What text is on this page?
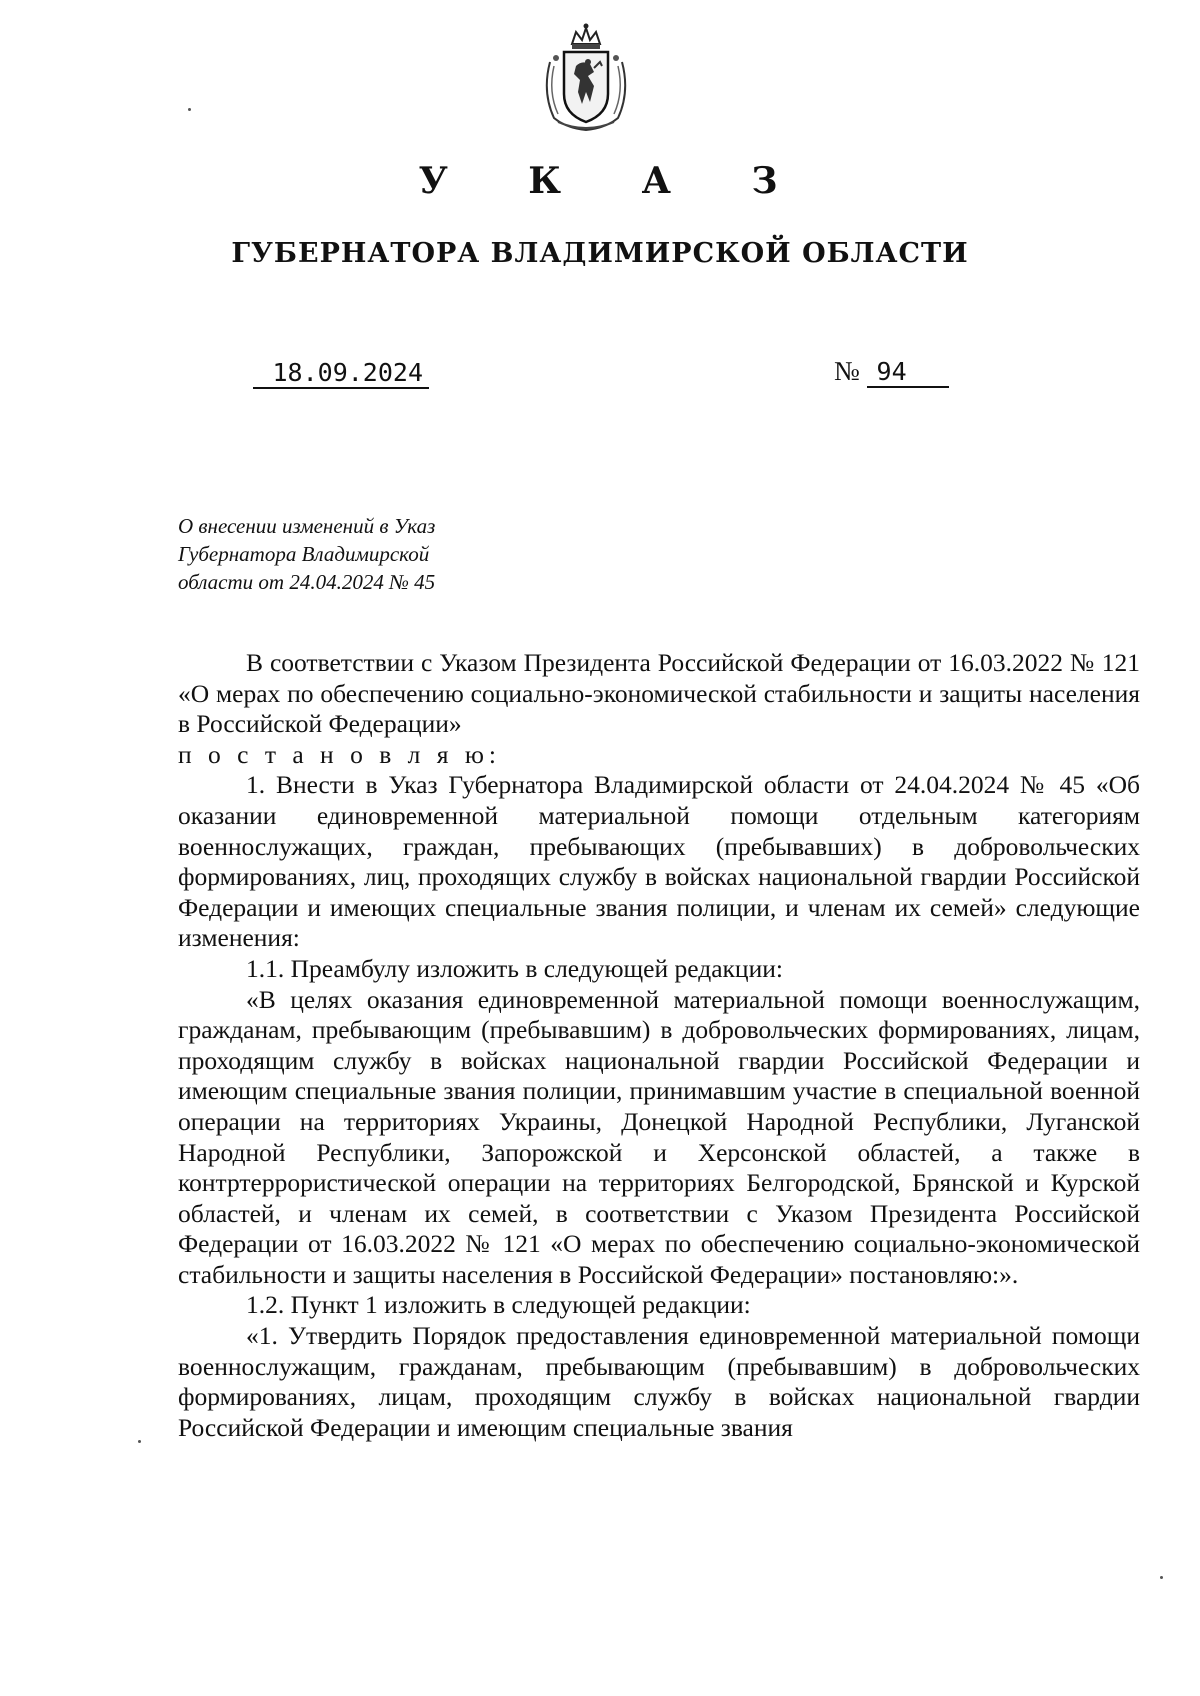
У К А З
ГУБЕРНАТОРА ВЛАДИМИРСКОЙ ОБЛАСТИ
18.09.2024	№ 94
О внесении изменений в Указ
Губернатора Владимирской
области от 24.04.2024 № 45

В соответствии с Указом Президента Российской Федерации от 16.03.2022 № 121 «О мерах по обеспечению социально-экономической стабильности и защиты населения в Российской Федерации»

п о с т а н о в л я ю:

1. Внести в Указ Губернатора Владимирской области от 24.04.2024 № 45 «Об оказании единовременной материальной помощи отдельным категориям военнослужащих, граждан, пребывающих (пребывавших) в добровольческих формированиях, лиц, проходящих службу в войсках национальной гвардии Российской Федерации и имеющих специальные звания полиции, и членам их семей» следующие изменения:

1.1. Преамбулу изложить в следующей редакции:

«В целях оказания единовременной материальной помощи военнослужащим, гражданам, пребывающим (пребывавшим) в добровольческих формированиях, лицам, проходящим службу в войсках национальной гвардии Российской Федерации и имеющим специальные звания полиции, принимавшим участие в специальной военной операции на территориях Украины, Донецкой Народной Республики, Луганской Народной Республики, Запорожской и Херсонской областей, а также в контртеррористической операции на территориях Белгородской, Брянской и Курской областей, и членам их семей, в соответствии с Указом Президента Российской Федерации от 16.03.2022 № 121 «О мерах по обеспечению социально-экономической стабильности и защиты населения в Российской Федерации» постановляю:».

1.2. Пункт 1 изложить в следующей редакции:

«1. Утвердить Порядок предоставления единовременной материальной помощи военнослужащим, гражданам, пребывающим (пребывавшим) в добровольческих формированиях, лицам, проходящим службу в войсках национальной гвардии Российской Федерации и имеющим специальные звания
